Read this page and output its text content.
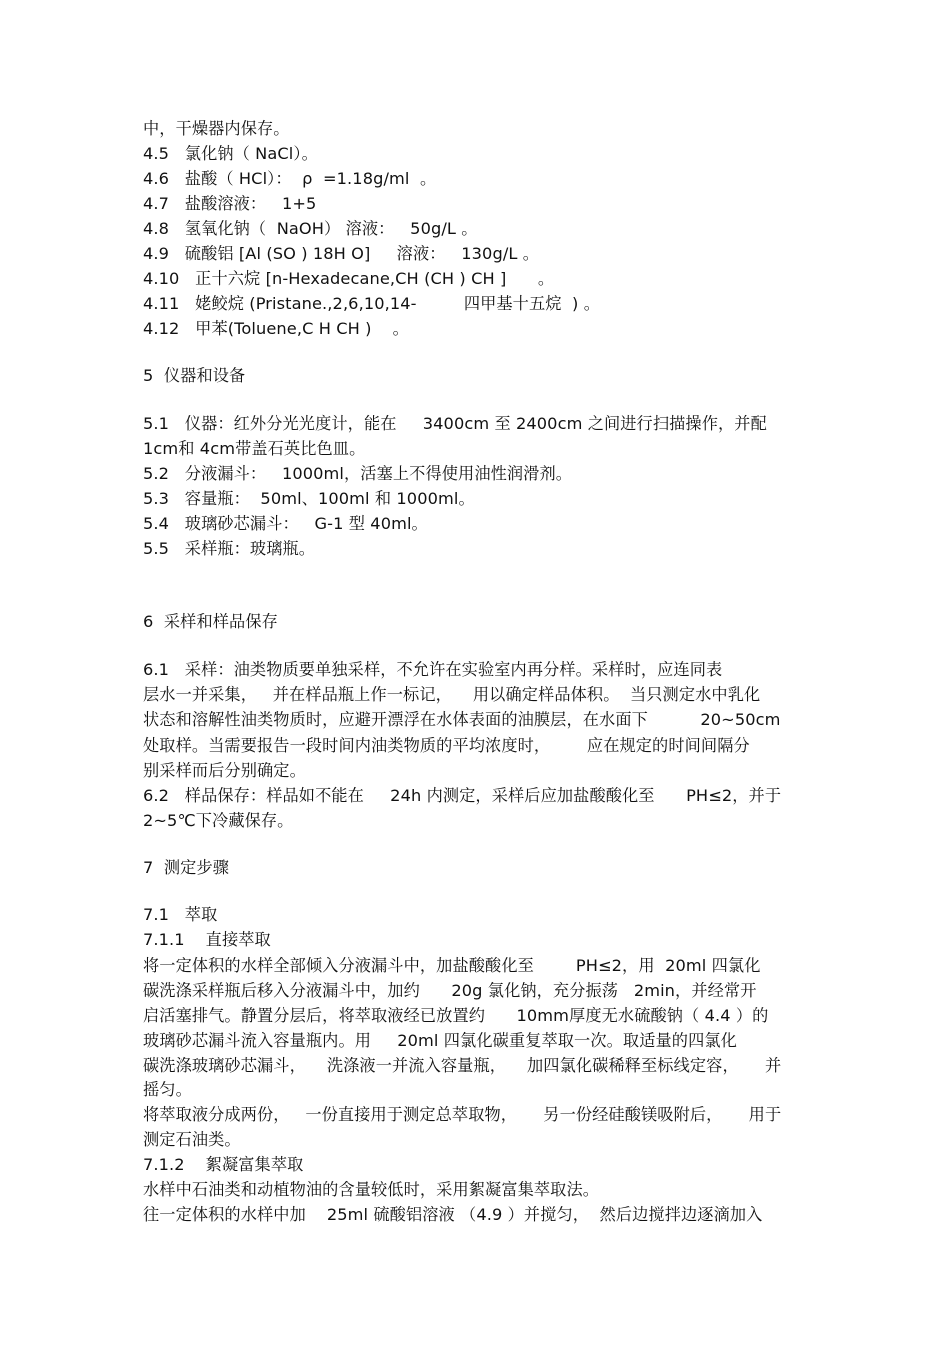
中，干燥器内保存。
4.5   氯化钠（ NaCl）。
4.6   盐酸（ HCl）：  ρ  =1.18g/ml  。
4.7   盐酸溶液：   1+5
4.8   氢氧化钠（  NaOH） 溶液：   50g/L 。
4.9   硫酸铝 [Al (SO ) 18H O]     溶液：   130g/L 。
4.10   正十六烷 [n-Hexadecane,CH (CH ) CH ]      。
4.11   姥鲛烷 (Pristane.,2,6,10,14-         四甲基十五烷  ) 。
4.12   甲苯(Toluene,C H CH )    。
5  仪器和设备
5.1   仪器：红外分光光度计，能在     3400cm 至 2400cm 之间进行扫描操作，并配
1cm和 4cm带盖石英比色皿。
5.2   分液漏斗：   1000ml，活塞上不得使用油性润滑剂。
5.3   容量瓶：  50ml、100ml 和 1000ml。
5.4   玻璃砂芯漏斗：   G-1 型 40ml。
5.5   采样瓶：玻璃瓶。
6  采样和样品保存
6.1   采样：油类物质要单独采样，不允许在实验室内再分样。采样时，应连同表
层水一并采集，   并在样品瓶上作一标记，    用以确定样品体积。  当只测定水中乳化
状态和溶解性油类物质时，应避开漂浮在水体表面的油膜层，在水面下          20~50cm
处取样。当需要报告一段时间内油类物质的平均浓度时，       应在规定的时间间隔分
别采样而后分别确定。
6.2   样品保存：样品如不能在     24h 内测定，采样后应加盐酸酸化至      PH≤2，并于
2~5℃下冷藏保存。
7  测定步骤
7.1   萃取
7.1.1    直接萃取
将一定体积的水样全部倾入分液漏斗中，加盐酸酸化至        PH≤2，用  20ml 四氯化
碳洗涤采样瓶后移入分液漏斗中，加约      20g 氯化钠，充分振荡   2min，并经常开
启活塞排气。静置分层后，将萃取液经已放置约      10mm厚度无水硫酸钠（ 4.4 ）的
玻璃砂芯漏斗流入容量瓶内。用     20ml 四氯化碳重复萃取一次。取适量的四氯化
碳洗涤玻璃砂芯漏斗，    洗涤液一并流入容量瓶，    加四氯化碳稀释至标线定容，     并
摇匀。
将萃取液分成两份，   一份直接用于测定总萃取物，     另一份经硅酸镁吸附后，     用于
测定石油类。
7.1.2    絮凝富集萃取
水样中石油类和动植物油的含量较低时，采用絮凝富集萃取法。
往一定体积的水样中加    25ml 硫酸铝溶液 （4.9 ）并搅匀，  然后边搅拌边逐滴加入
